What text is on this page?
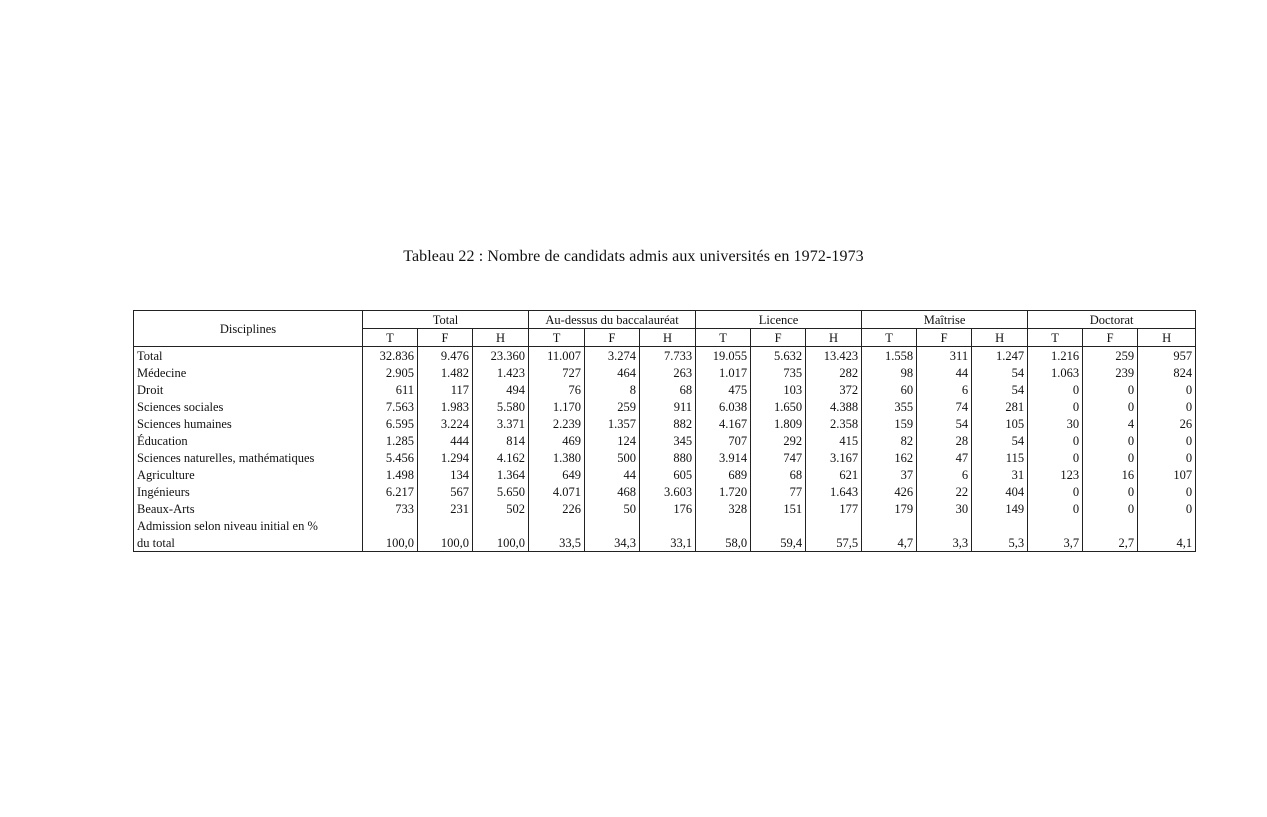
Tableau 22 : Nombre de candidats admis aux universités en 1972-1973
Disciplines	Total			Au-dessus du baccalauréat			Licence			Maîtrise			Doctorat		
	T	F	H	T	F	H	T	F	H	T	F	H	T	F	H
Total	32.836	9.476	23.360	11.007	3.274	7.733	19.055	5.632	13.423	1.558	311	1.247	1.216	259	957
Médecine	2.905	1.482	1.423	727	464	263	1.017	735	282	98	44	54	1.063	239	824
Droit	611	117	494	76	8	68	475	103	372	60	6	54	0	0	0
Sciences sociales	7.563	1.983	5.580	1.170	259	911	6.038	1.650	4.388	355	74	281	0	0	0
Sciences humaines	6.595	3.224	3.371	2.239	1.357	882	4.167	1.809	2.358	159	54	105	30	4	26
Éducation	1.285	444	814	469	124	345	707	292	415	82	28	54	0	0	0
Sciences naturelles, mathématiques	5.456	1.294	4.162	1.380	500	880	3.914	747	3.167	162	47	115	0	0	0
Agriculture	1.498	134	1.364	649	44	605	689	68	621	37	6	31	123	16	107
Ingénieurs	6.217	567	5.650	4.071	468	3.603	1.720	77	1.643	426	22	404	0	0	0
Beaux-Arts	733	231	502	226	50	176	328	151	177	179	30	149	0	0	0
Admission selon niveau initial en %															
du total	100,0	100,0	100,0	33,5	34,3	33,1	58,0	59,4	57,5	4,7	3,3	5,3	3,7	2,7	4,1
